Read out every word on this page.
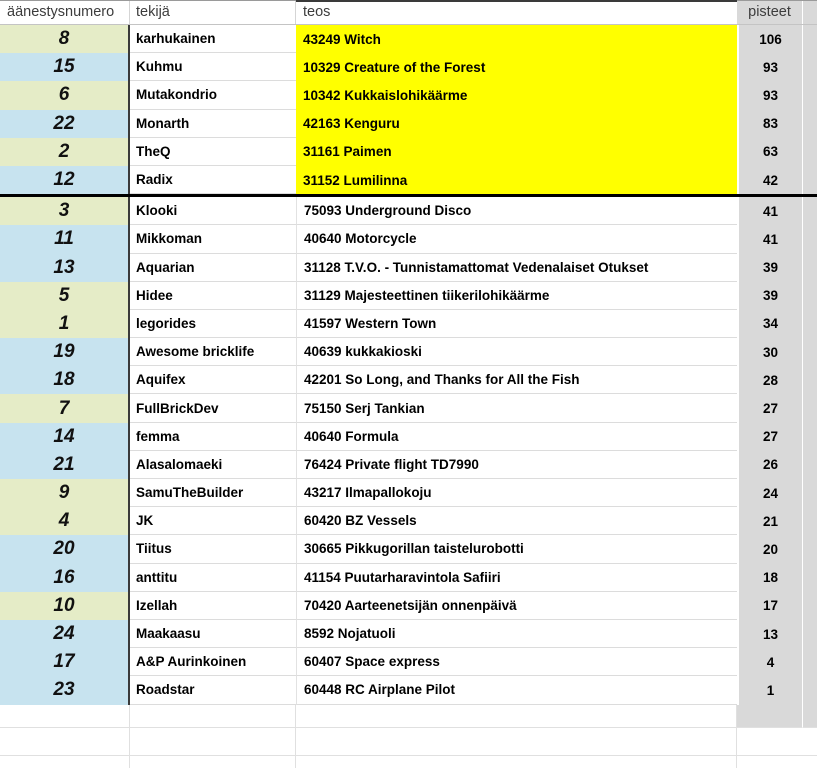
äänestysnumero	tekijä	teos	pisteet
8	karhukainen	43249 Witch	106
15	Kuhmu	10329 Creature of the Forest	93
6	Mutakondrio	10342 Kukkaislohikäärme	93
22	Monarth	42163 Kenguru	83
2	TheQ	31161 Paimen	63
12	Radix	31152 Lumilinna	42
3	Klooki	75093 Underground Disco	41
11	Mikkoman	40640 Motorcycle	41
13	Aquarian	31128 T.V.O. - Tunnistamattomat Vedenalaiset Otukset	39
5	Hidee	31129 Majesteettinen tiikerilohikäärme	39
1	legorides	41597 Western Town	34
19	Awesome bricklife	40639 kukkakioski	30
18	Aquifex	42201 So Long, and Thanks for All the Fish	28
7	FullBrickDev	75150 Serj Tankian	27
14	femma	40640 Formula	27
21	Alasalomaeki	76424 Private flight TD7990	26
9	SamuTheBuilder	43217 Ilmapallokoju	24
4	JK	60420 BZ Vessels	21
20	Tiitus	30665 Pikkugorillan taistelurobotti	20
16	anttitu	41154 Puutarharavintola Safiiri	18
10	Izellah	70420 Aarteenetsijän onnenpäivä	17
24	Maakaasu	8592 Nojatuoli	13
17	A&P Aurinkoinen	60407 Space express	4
23	Roadstar	60448 RC Airplane Pilot	1
